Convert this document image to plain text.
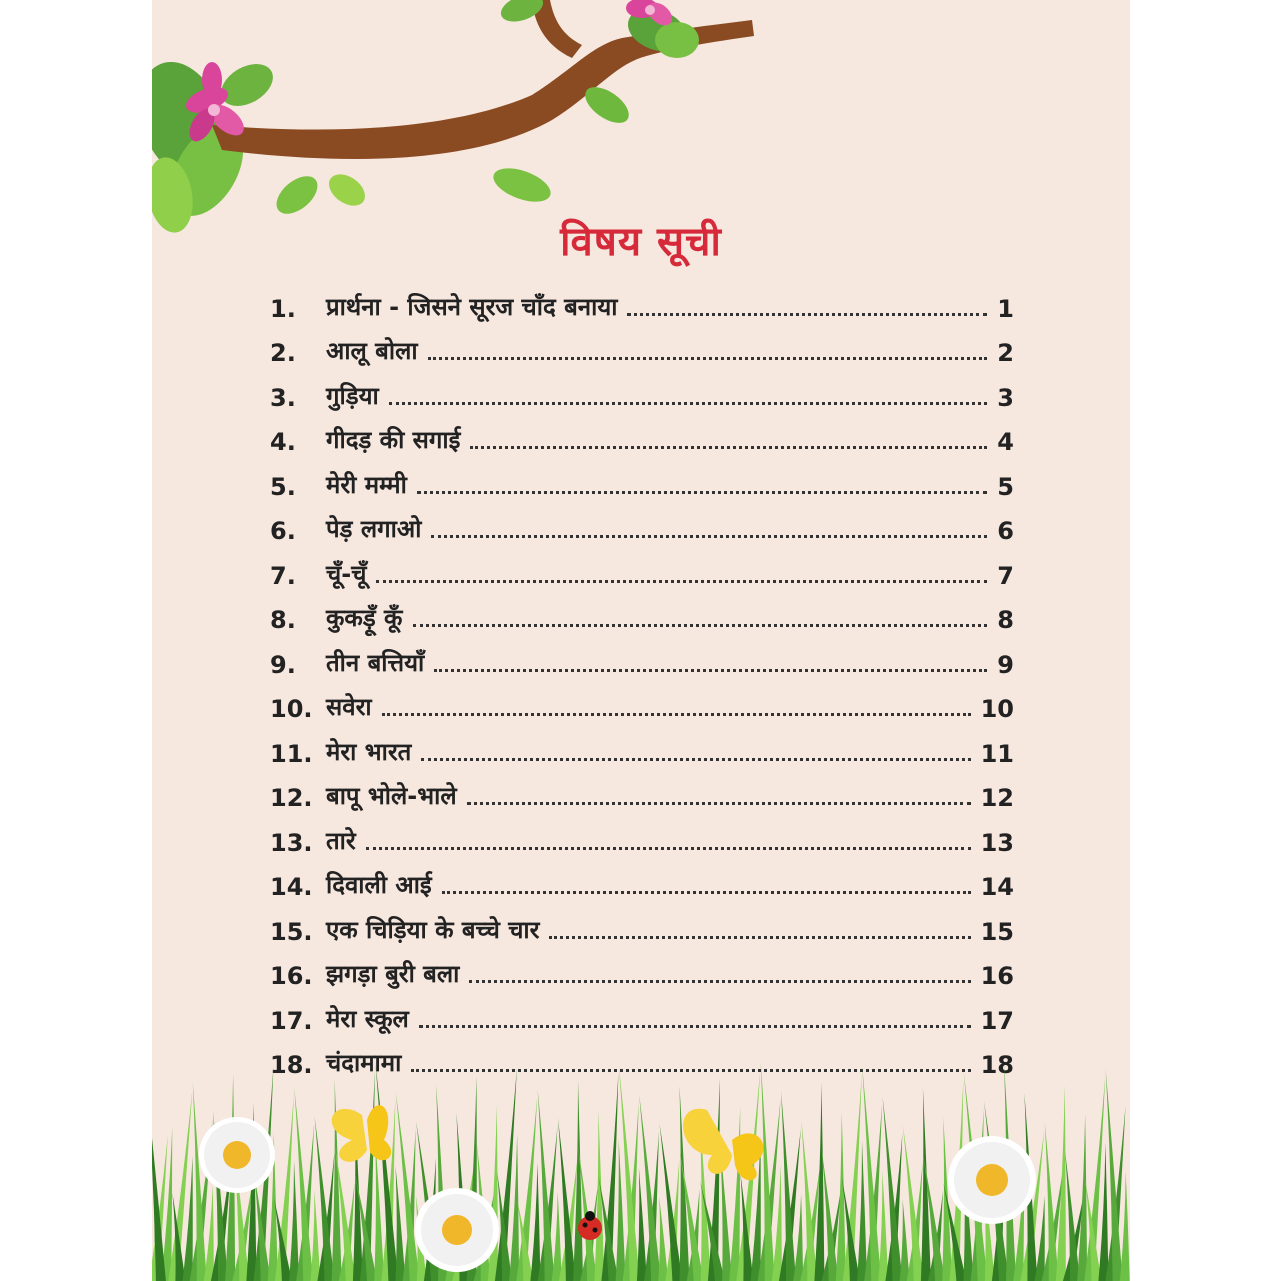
विषय सूची
1.	प्रार्थना - जिसने सूरज चाँद बनाया	1
2.	आलू बोला	2
3.	गुड़िया	3
4.	गीदड़ की सगाई	4
5.	मेरी मम्मी	5
6.	पेड़ लगाओ	6
7.	चूँ-चूँ	7
8.	कुकड़ूँ कूँ	8
9.	तीन बत्तियाँ	9
10. सवेरा	10
11. मेरा भारत	11
12. बापू भोले-भाले	12
13. तारे	13
14. दिवाली आई	14
15. एक चिड़िया के बच्चे चार	15
16. झगड़ा बुरी बला	16
17. मेरा स्कूल	17
18. चंदामामा	18
